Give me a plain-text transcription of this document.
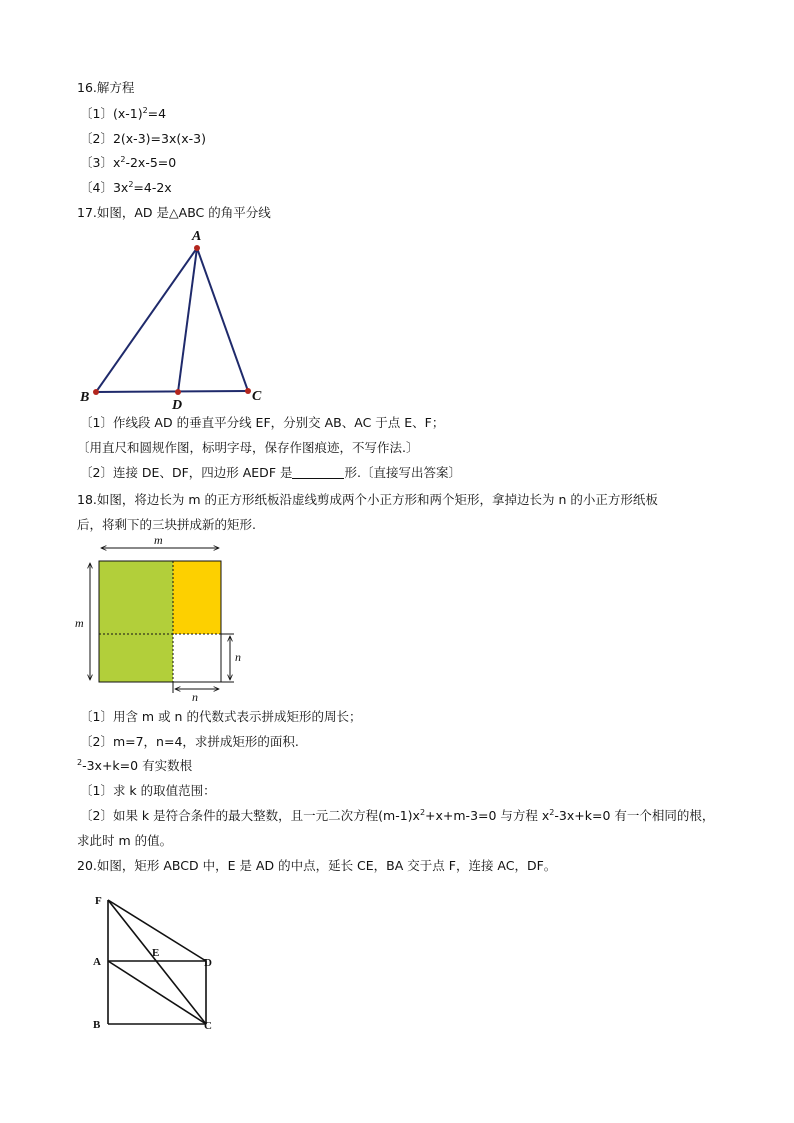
16.解方程
〔1〕$(x-1)^2=4$
〔2〕2(x-3)=3x(x-3)
〔3〕$x^2-2x-5=0$
〔4〕$3x^2=4-2x$
17.如图，AD 是△ABC 的角平分线
A
B	C
D
〔1〕作线段 AD 的垂直平分线 EF，分别交 AB、AC 于点 E、F；
〔用直尺和圆规作图，标明字母，保存作图痕迹，不写作法.〕
〔2〕连接 DE、DF，四边形 AEDF 是	形.〔直接写出答案〕
18.如图，将边长为 m 的正方形纸板沿虚线剪成两个小正方形和两个矩形，拿掉边长为 n 的小正方形纸板
后，将剩下的三块拼成新的矩形.
m
m
n
n
〔1〕用含 m 或 n 的代数式表示拼成矩形的周长；
〔2〕m=7，n=4，求拼成矩形的面积.
$^2$-3x+k=0 有实数根
〔1〕求 k 的取值范围：
〔2〕如果 k 是符合条件的最大整数，且一元二次方程$(m-1)x^2+x+m-3=0$ 与方程 $x^2-3x+k=0$ 有一个相同的根，
求此时 m 的值。
20.如图，矩形 ABCD 中，E 是 AD 的中点，延长 CE，BA 交于点 F，连接 AC，DF。
F
A
E
D
B	C
